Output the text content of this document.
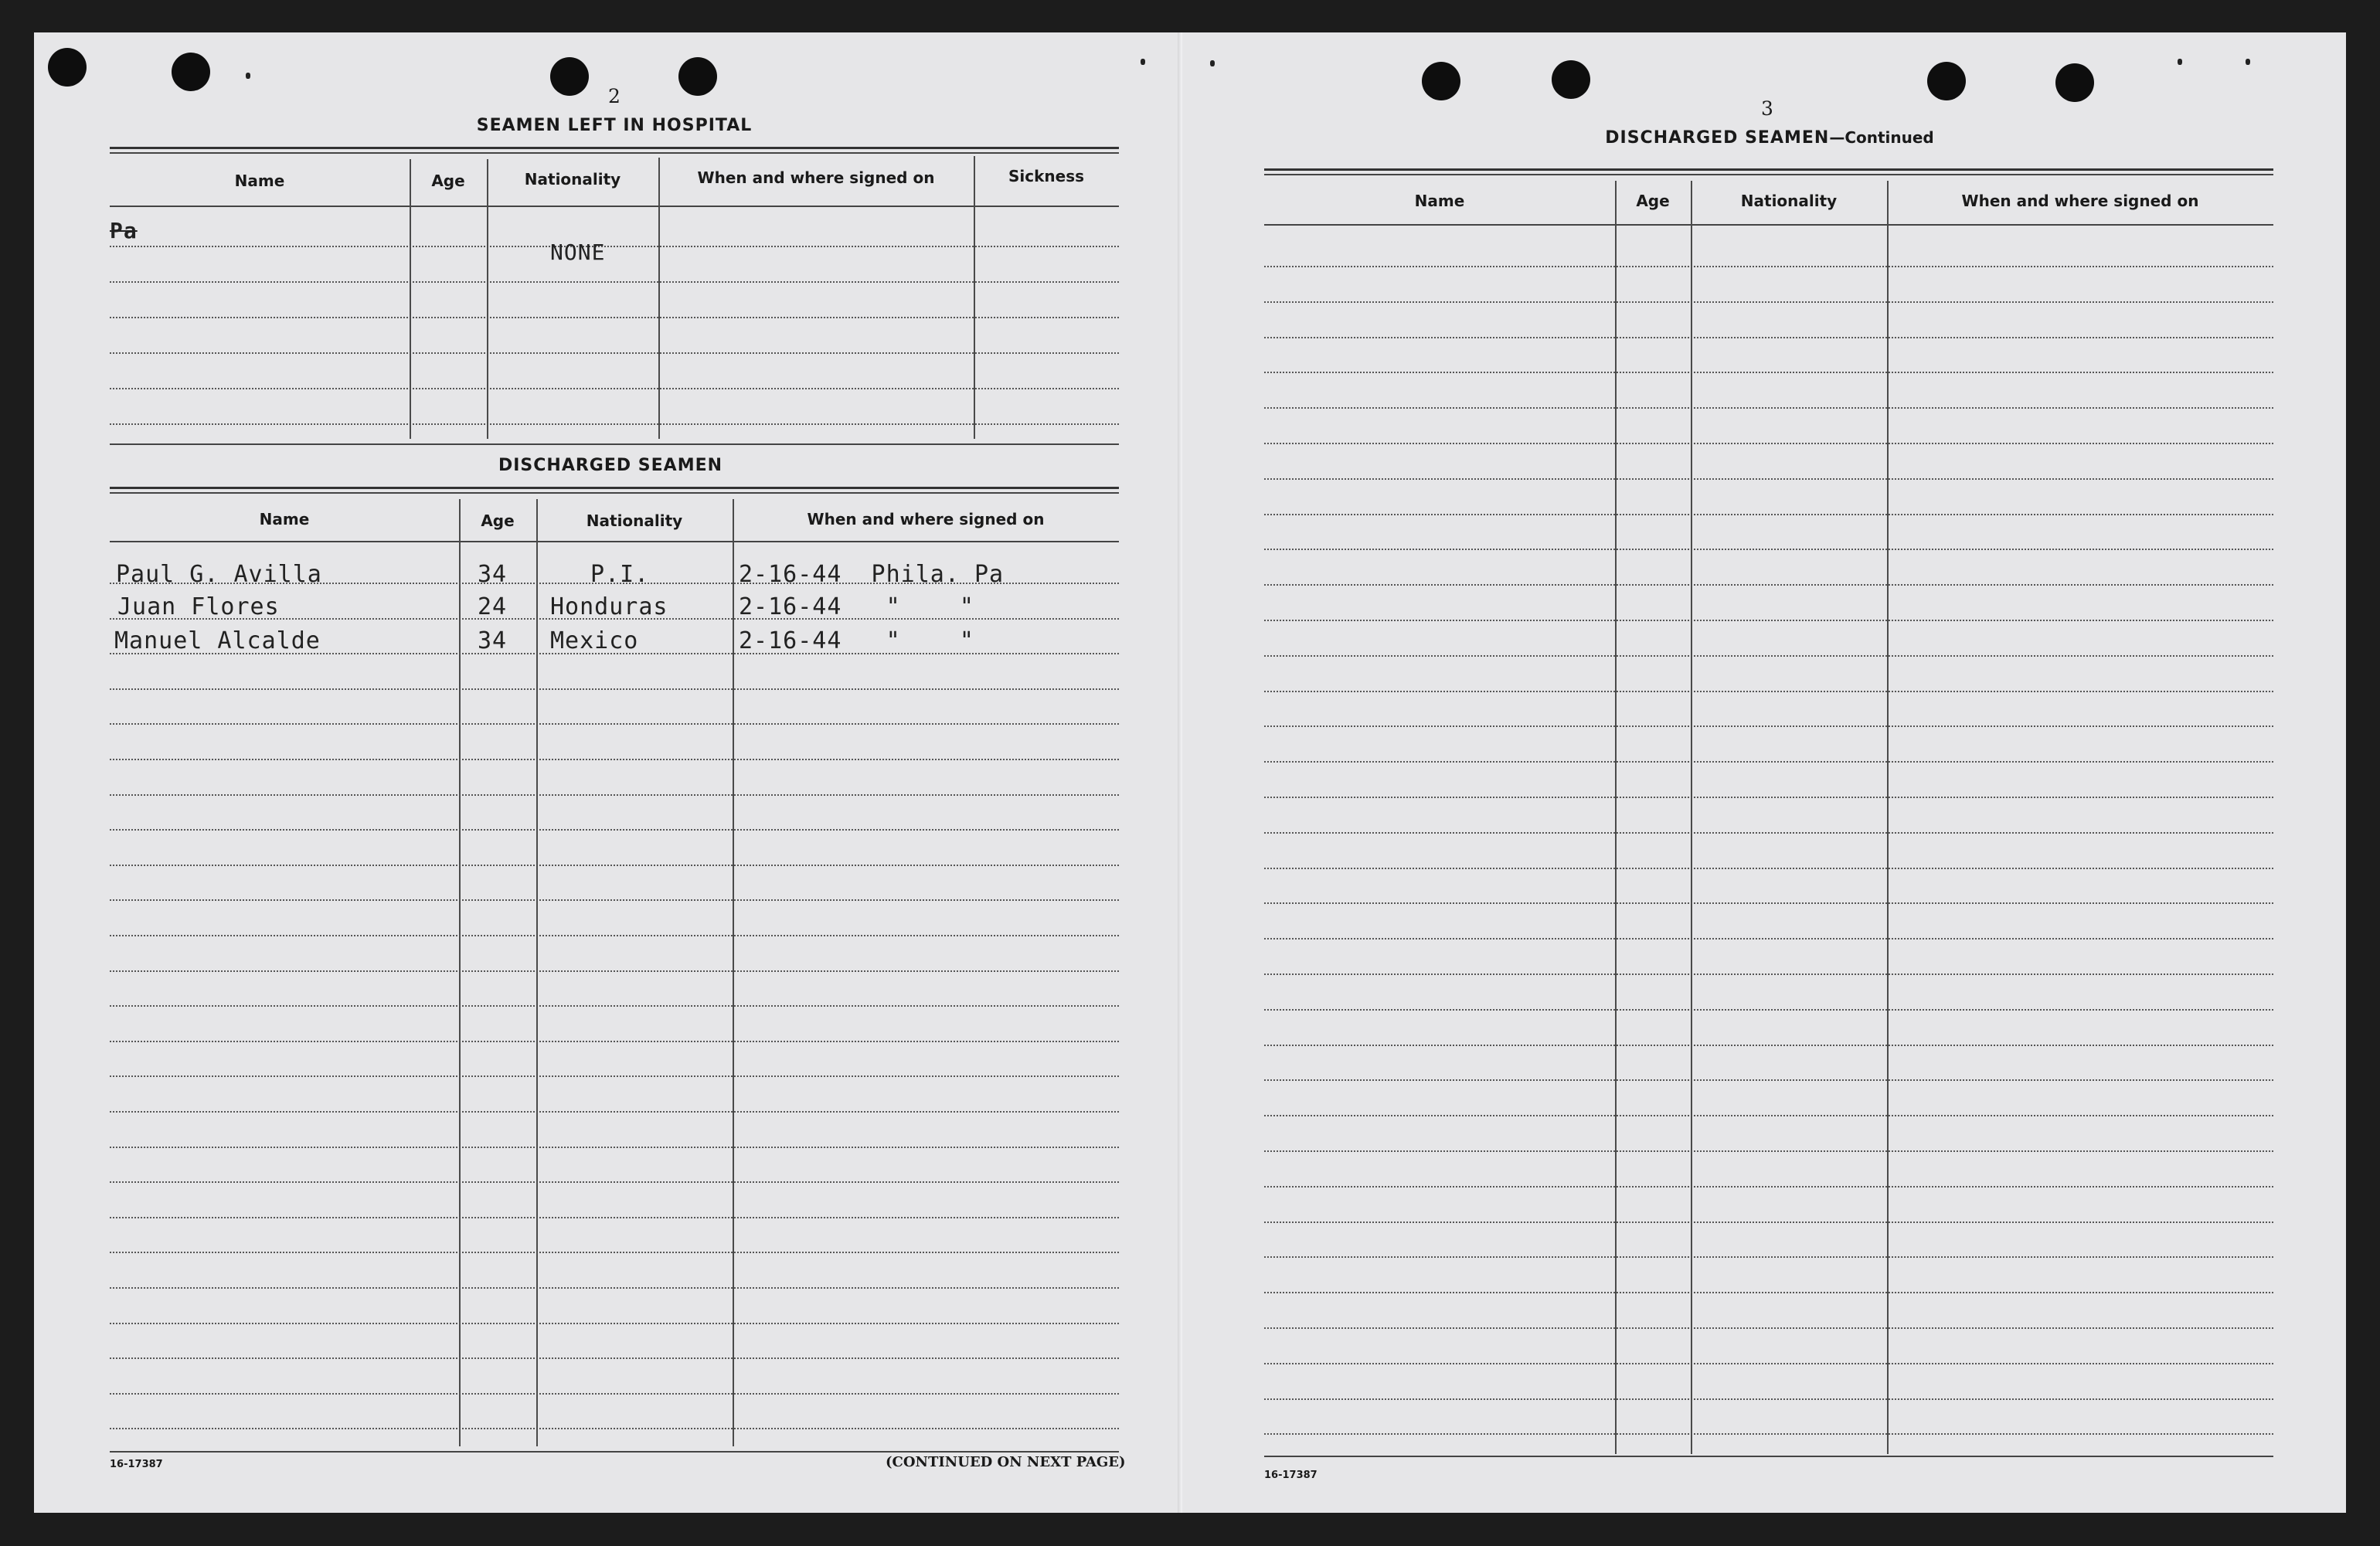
2
SEAMEN LEFT IN HOSPITAL
Name	Age	Nationality	When and where signed on	Sickness
Pa
NONE
DISCHARGED SEAMEN
Name	Age	Nationality	When and where signed on
Paul G. Avilla	34	P.I.	2-16-44  Phila. Pa
Juan Flores	24 Honduras	2-16-44   "    "
Manuel Alcalde	34 Mexico	2-16-44   "    "
16-17387	(CONTINUED ON NEXT PAGE)
3
DISCHARGED SEAMEN—Continued
Name	Age	Nationality	When and where signed on
16-17387
